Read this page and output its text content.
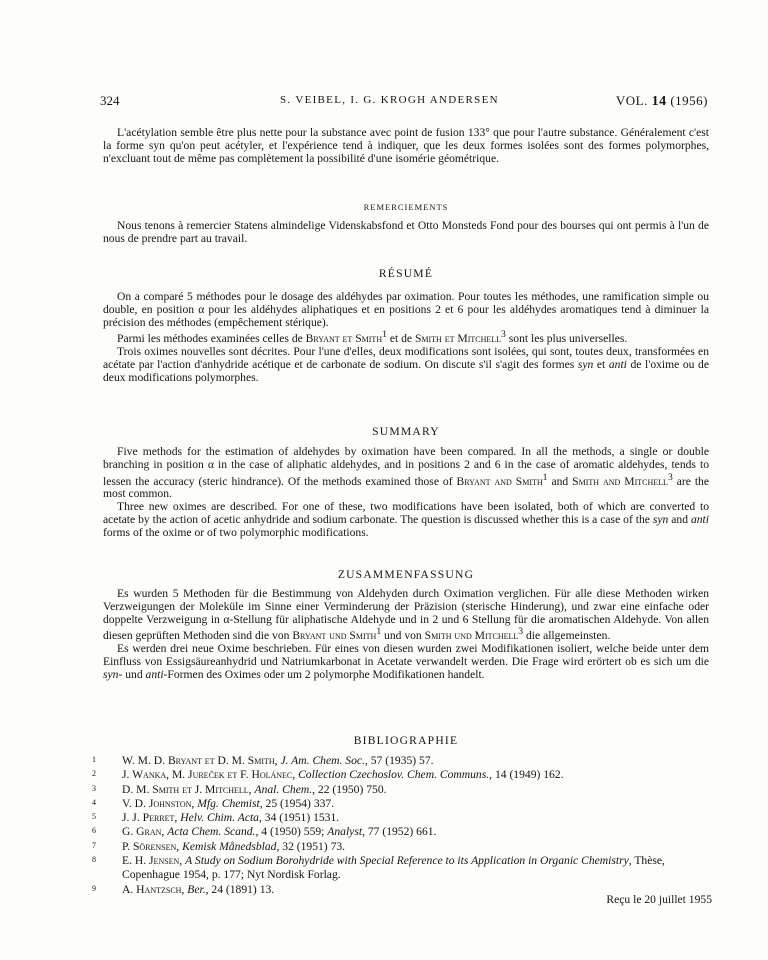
324	S. VEIBEL, I. G. KROGH ANDERSEN	VOL. 14 (1956)

L'acétylation semble être plus nette pour la substance avec point de fusion 133° que pour l'autre substance. Généralement c'est la forme syn qu'on peut acétyler, et l'expérience tend à indiquer, que les deux formes isolées sont des formes polymorphes, n'excluant tout de même pas complètement la possibilité d'une isomérie géométrique.

REMERCIEMENTS

Nous tenons à remercier Statens almindelige Videnskabsfond et Otto Monsteds Fond pour des bourses qui ont permis à l'un de nous de prendre part au travail.

RÉSUMÉ

On a comparé 5 méthodes pour le dosage des aldéhydes par oximation. Pour toutes les méthodes, une ramification simple ou double, en position α pour les aldéhydes aliphatiques et en positions 2 et 6 pour les aldéhydes aromatiques tend à diminuer la précision des méthodes (empêchement stérique).

Parmi les méthodes examinées celles de Bryant et Smith$^1$ et de Smith et Mitchell$^3$ sont les plus universelles.

Trois oximes nouvelles sont décrites. Pour l'une d'elles, deux modifications sont isolées, qui sont, toutes deux, transformées en acétate par l'action d'anhydride acétique et de carbonate de sodium. On discute s'il s'agit des formes syn et anti de l'oxime ou de deux modifications polymorphes.

SUMMARY

Five methods for the estimation of aldehydes by oximation have been compared. In all the methods, a single or double branching in position α in the case of aliphatic aldehydes, and in positions 2 and 6 in the case of aromatic aldehydes, tends to lessen the accuracy (steric hindrance). Of the methods examined those of Bryant and Smith$^1$ and Smith and Mitchell$^3$ are the most common.

Three new oximes are described. For one of these, two modifications have been isolated, both of which are converted to acetate by the action of acetic anhydride and sodium carbonate. The question is discussed whether this is a case of the syn and anti forms of the oxime or of two polymorphic modifications.

ZUSAMMENFASSUNG

Es wurden 5 Methoden für die Bestimmung von Aldehyden durch Oximation verglichen. Für alle diese Methoden wirken Verzweigungen der Moleküle im Sinne einer Verminderung der Präzision (sterische Hinderung), und zwar eine einfache oder doppelte Verzweigung in α-Stellung für aliphatische Aldehyde und in 2 und 6 Stellung für die aromatischen Aldehyde. Von allen diesen geprüften Methoden sind die von Bryant und Smith$^1$ und von Smith und Mitchell$^3$ die allgemeinsten.

Es werden drei neue Oxime beschrieben. Für eines von diesen wurden zwei Modifikationen isoliert, welche beide unter dem Einfluss von Essigsäureanhydrid und Natriumkarbonat in Acetate verwandelt werden. Die Frage wird erörtert ob es sich um die syn- und anti-Formen des Oximes oder um 2 polymorphe Modifikationen handelt.

BIBLIOGRAPHIE
1 W. M. D. Bryant et D. M. Smith, J. Am. Chem. Soc., 57 (1935) 57.
2 J. Wanka, M. Jureček et F. Holánec, Collection Czechoslov. Chem. Communs., 14 (1949) 162.
3 D. M. Smith et J. Mitchell, Anal. Chem., 22 (1950) 750.
4 V. D. Johnston, Mfg. Chemist, 25 (1954) 337.
5 J. J. Perret, Helv. Chim. Acta, 34 (1951) 1531.
6 G. Gran, Acta Chem. Scand., 4 (1950) 559; Analyst, 77 (1952) 661.
7 P. Sörensen, Kemisk Månedsblad, 32 (1951) 73.
8 E. H. Jensen, A Study on Sodium Borohydride with Special Reference to its Application in Organic Chemistry, Thèse, Copenhague 1954, p. 177; Nyt Nordisk Forlag.
9 A. Hantzsch, Ber., 24 (1891) 13.
Reçu le 20 juillet 1955
